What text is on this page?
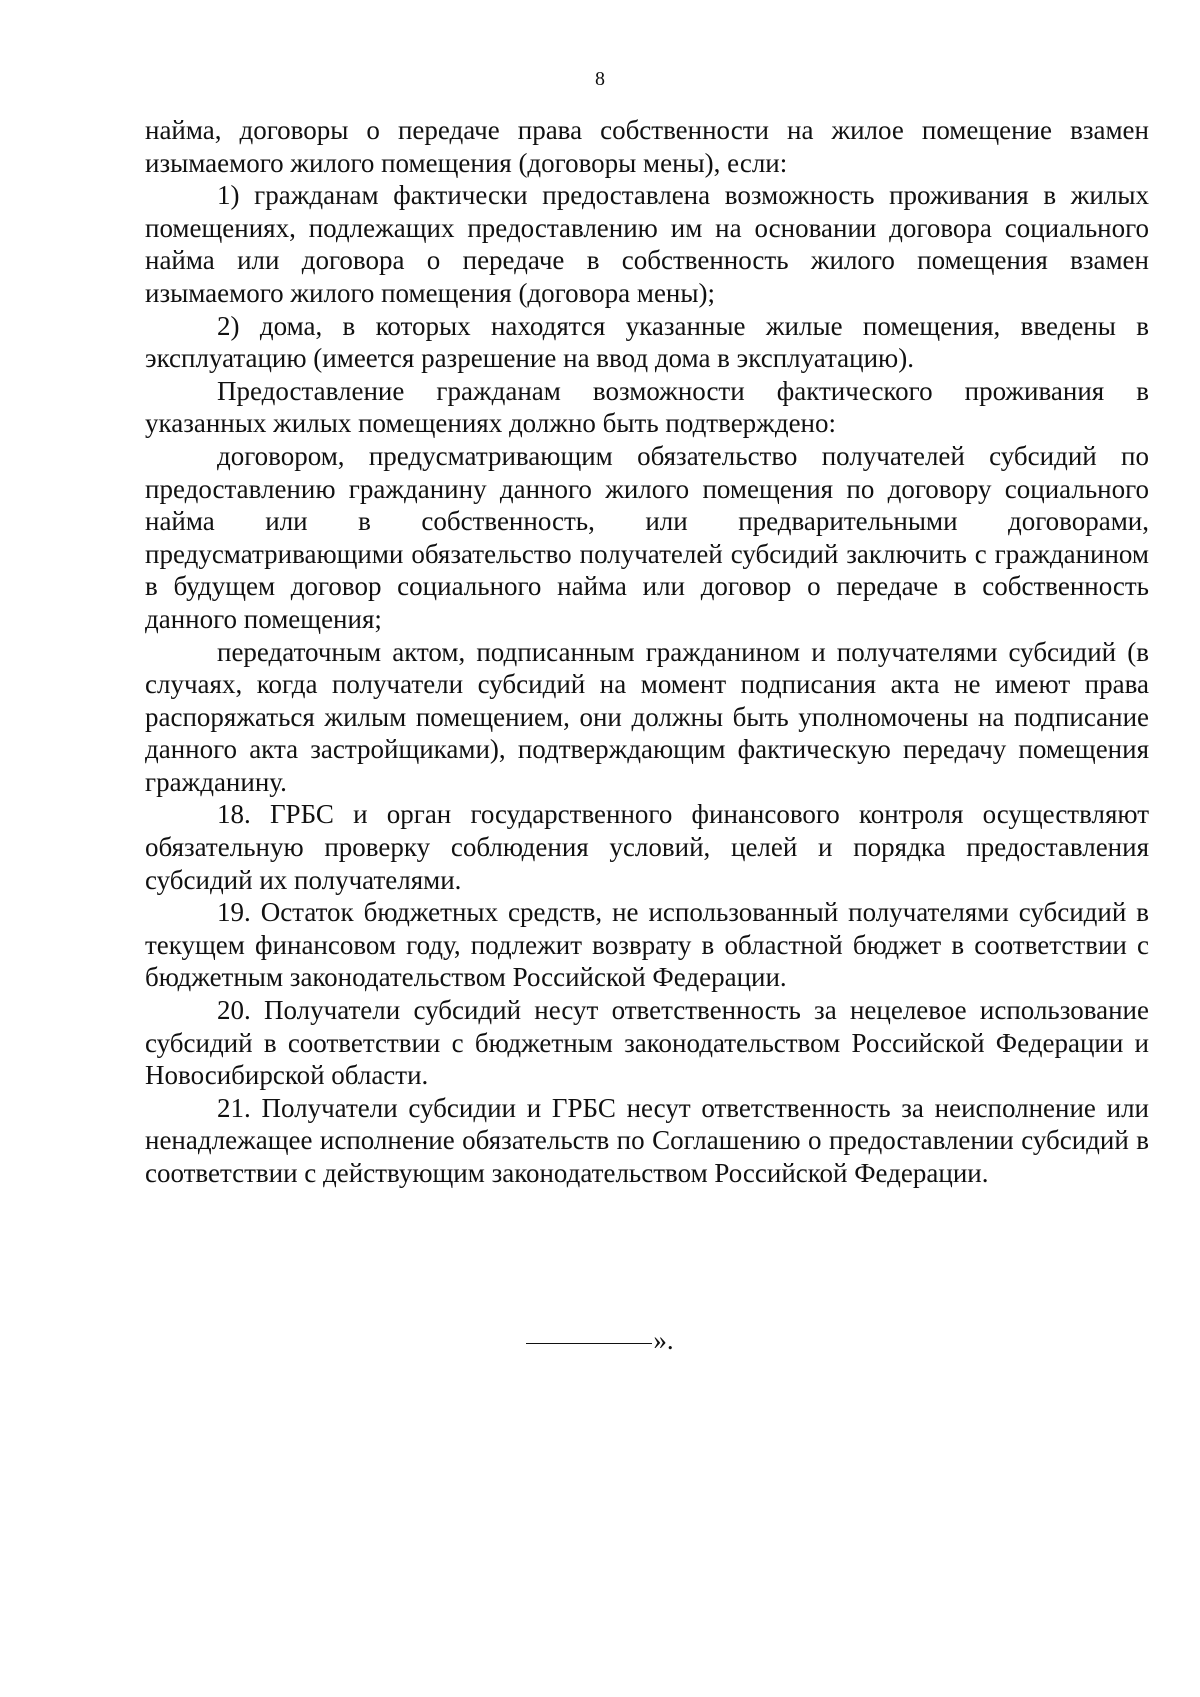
8

найма, договоры о передаче права собственности на жилое помещение взамен изымаемого жилого помещения (договоры мены), если:

1) гражданам фактически предоставлена возможность проживания в жилых помещениях, подлежащих предоставлению им на основании договора социального найма или договора о передаче в собственность жилого помещения взамен изымаемого жилого помещения (договора мены);

2) дома, в которых находятся указанные жилые помещения, введены в эксплуатацию (имеется разрешение на ввод дома в эксплуатацию).

Предоставление гражданам возможности фактического проживания в указанных жилых помещениях должно быть подтверждено:

договором, предусматривающим обязательство получателей субсидий по предоставлению гражданину данного жилого помещения по договору социального найма или в собственность, или предварительными договорами, предусматривающими обязательство получателей субсидий заключить с гражданином в будущем договор социального найма или договор о передаче в собственность данного помещения;

передаточным актом, подписанным гражданином и получателями субсидий (в случаях, когда получатели субсидий на момент подписания акта не имеют права распоряжаться жилым помещением, они должны быть уполномочены на подписание данного акта застройщиками), подтверждающим фактическую передачу помещения гражданину.

18. ГРБС и орган государственного финансового контроля осуществляют обязательную проверку соблюдения условий, целей и порядка предоставления субсидий их получателями.

19. Остаток бюджетных средств, не использованный получателями субсидий в текущем финансовом году, подлежит возврату в областной бюджет в соответствии с бюджетным законодательством Российской Федерации.

20. Получатели субсидий несут ответственность за нецелевое использование субсидий в соответствии с бюджетным законодательством Российской Федерации и Новосибирской области.

21. Получатели субсидии и ГРБС несут ответственность за неисполнение или ненадлежащее исполнение обязательств по Соглашению о предоставлении субсидий в соответствии с действующим законодательством Российской Федерации.

».
